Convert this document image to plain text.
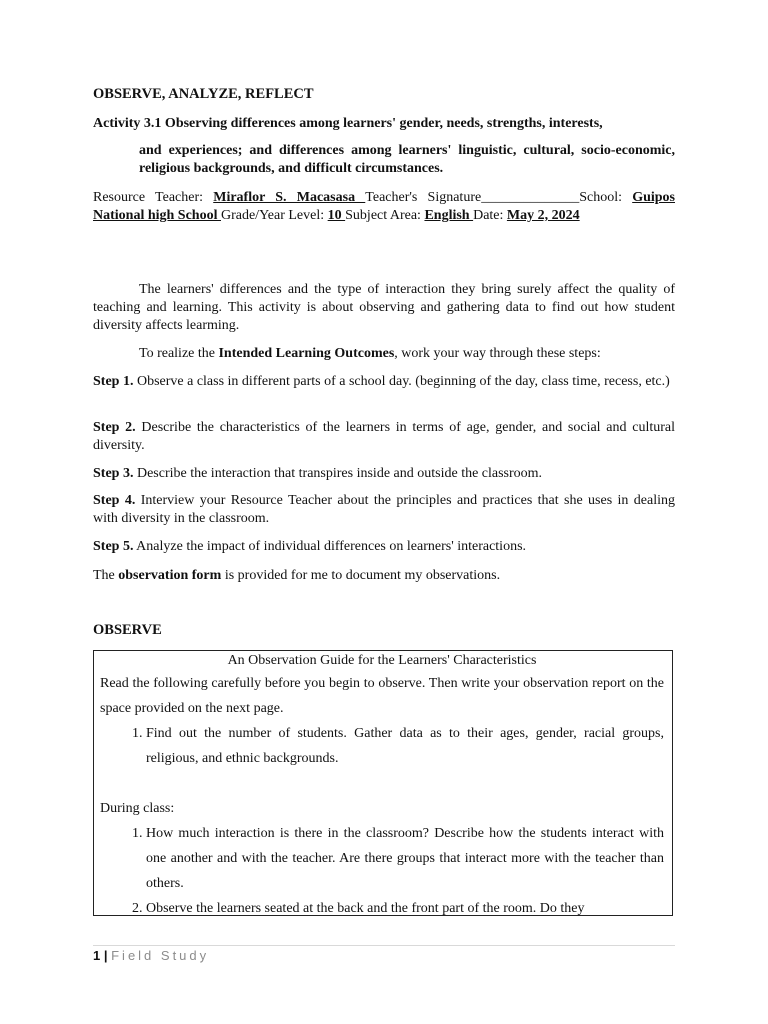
OBSERVE, ANALYZE, REFLECT

Activity 3.1 Observing differences among learners' gender, needs, strengths, interests,

and experiences; and differences among learners' linguistic, cultural, socio-economic, religious backgrounds, and difficult circumstances.

Resource Teacher: Miraflor S. Macasasa Teacher's Signature______________School: Guipos National high School Grade/Year Level: 10 Subject Area: English Date: May 2, 2024

The learners' differences and the type of interaction they bring surely affect the quality of teaching and learning. This activity is about observing and gathering data to find out how student diversity affects learming.

To realize the Intended Learning Outcomes, work your way through these steps:

Step 1. Observe a class in different parts of a school day. (beginning of the day, class time, recess, etc.)

Step 2. Describe the characteristics of the learners in terms of age, gender, and social and cultural diversity.

Step 3. Describe the interaction that transpires inside and outside the classroom.

Step 4. Interview your Resource Teacher about the principles and practices that she uses in dealing with diversity in the classroom.

Step 5. Analyze the impact of individual differences on learners' interactions.

The observation form is provided for me to document my observations.

OBSERVE

An Observation Guide for the Learners' Characteristics

Read the following carefully before you begin to observe. Then write your observation report on the space provided on the next page.

1. Find out the number of students. Gather data as to their ages, gender, racial groups, religious, and ethnic backgrounds.

During class:

1. How much interaction is there in the classroom? Describe how the students interact with one another and with the teacher. Are there groups that interact more with the teacher than others.
2. Observe the learners seated at the back and the front part of the room. Do they
1 | Field Study
